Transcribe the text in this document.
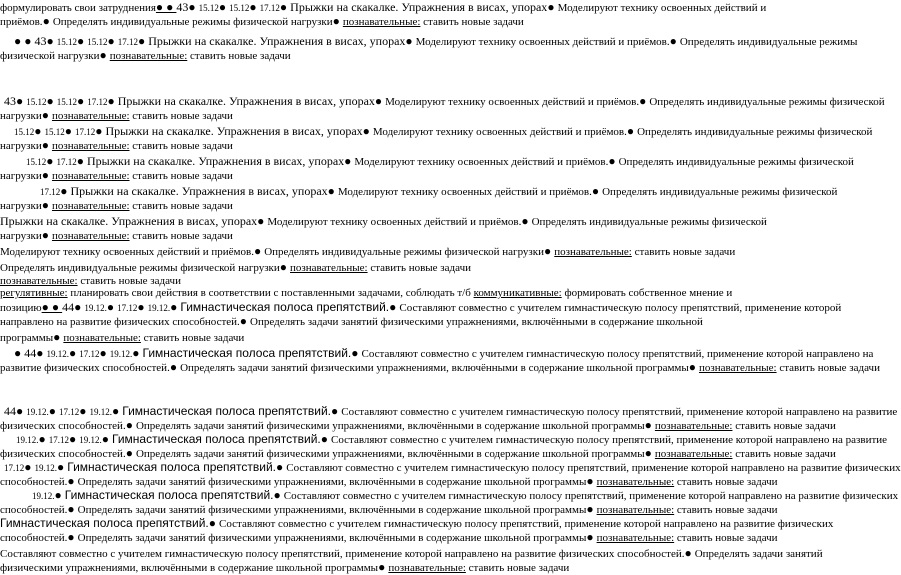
формулировать свои затруднения● ● 43● 15.12● 15.12● 17.12● Прыжки на скакалке. Упражнения в висах, упорах● Моделируют технику освоенных действий и
приёмов.● Определять индивидуальные режимы физической нагрузки● познавательные: ставить новые задачи
● ● 43● 15.12● 15.12● 17.12● Прыжки на скакалке. Упражнения в висах, упорах● Моделируют технику освоенных действий и приёмов.● Определять индивидуальные режимы
физической нагрузки● познавательные: ставить новые задачи
43● 15.12● 15.12● 17.12● Прыжки на скакалке. Упражнения в висах, упорах● Моделируют технику освоенных действий и приёмов.● Определять индивидуальные режимы физической
нагрузки● познавательные: ставить новые задачи
15.12● 15.12● 17.12● Прыжки на скакалке. Упражнения в висах, упорах● Моделируют технику освоенных действий и приёмов.● Определять индивидуальные режимы физической
нагрузки● познавательные: ставить новые задачи
15.12● 17.12● Прыжки на скакалке. Упражнения в висах, упорах● Моделируют технику освоенных действий и приёмов.● Определять индивидуальные режимы физической
нагрузки● познавательные: ставить новые задачи
17.12● Прыжки на скакалке. Упражнения в висах, упорах● Моделируют технику освоенных действий и приёмов.● Определять индивидуальные режимы физической
нагрузки● познавательные: ставить новые задачи
Прыжки на скакалке. Упражнения в висах, упорах● Моделируют технику освоенных действий и приёмов.● Определять индивидуальные режимы физической
нагрузки● познавательные: ставить новые задачи
Моделируют технику освоенных действий и приёмов.● Определять индивидуальные режимы физической нагрузки● познавательные: ставить новые задачи
Определять индивидуальные режимы физической нагрузки● познавательные: ставить новые задачи
познавательные: ставить новые задачи
регулятивные: планировать свои действия в соответствии с поставленными задачами, соблюдать т/б коммуникативные: формировать собственное мнение и
позицию● ● 44● 19.12.● 17.12● 19.12.● Гимнастическая полоса препятствий.● Составляют совместно с учителем гимнастическую полосу препятствий, применение которой
направлено на развитие физических способностей.● Определять задачи занятий физическими упражнениями, включёнными в содержание школьной
программы● познавательные: ставить новые задачи
● 44● 19.12.● 17.12● 19.12.● Гимнастическая полоса препятствий.● Составляют совместно с учителем гимнастическую полосу препятствий, применение которой направлено на
развитие физических способностей.● Определять задачи занятий физическими упражнениями, включёнными в содержание школьной программы● познавательные: ставить новые задачи
44● 19.12.● 17.12● 19.12.● Гимнастическая полоса препятствий.● Составляют совместно с учителем гимнастическую полосу препятствий, применение которой направлено на развитие
физических способностей.● Определять задачи занятий физическими упражнениями, включёнными в содержание школьной программы● познавательные: ставить новые задачи
19.12.● 17.12● 19.12.● Гимнастическая полоса препятствий.● Составляют совместно с учителем гимнастическую полосу препятствий, применение которой направлено на развитие
физических способностей.● Определять задачи занятий физическими упражнениями, включёнными в содержание школьной программы● познавательные: ставить новые задачи
17.12● 19.12.● Гимнастическая полоса препятствий.● Составляют совместно с учителем гимнастическую полосу препятствий, применение которой направлено на развитие физических
способностей.● Определять задачи занятий физическими упражнениями, включёнными в содержание школьной программы● познавательные: ставить новые задачи
19.12.● Гимнастическая полоса препятствий.● Составляют совместно с учителем гимнастическую полосу препятствий, применение которой направлено на развитие физических
способностей.● Определять задачи занятий физическими упражнениями, включёнными в содержание школьной программы● познавательные: ставить новые задачи
Гимнастическая полоса препятствий.● Составляют совместно с учителем гимнастическую полосу препятствий, применение которой направлено на развитие физических
способностей.● Определять задачи занятий физическими упражнениями, включёнными в содержание школьной программы● познавательные: ставить новые задачи
Составляют совместно с учителем гимнастическую полосу препятствий, применение которой направлено на развитие физических способностей.● Определять задачи занятий
физическими упражнениями, включёнными в содержание школьной программы● познавательные: ставить новые задачи
